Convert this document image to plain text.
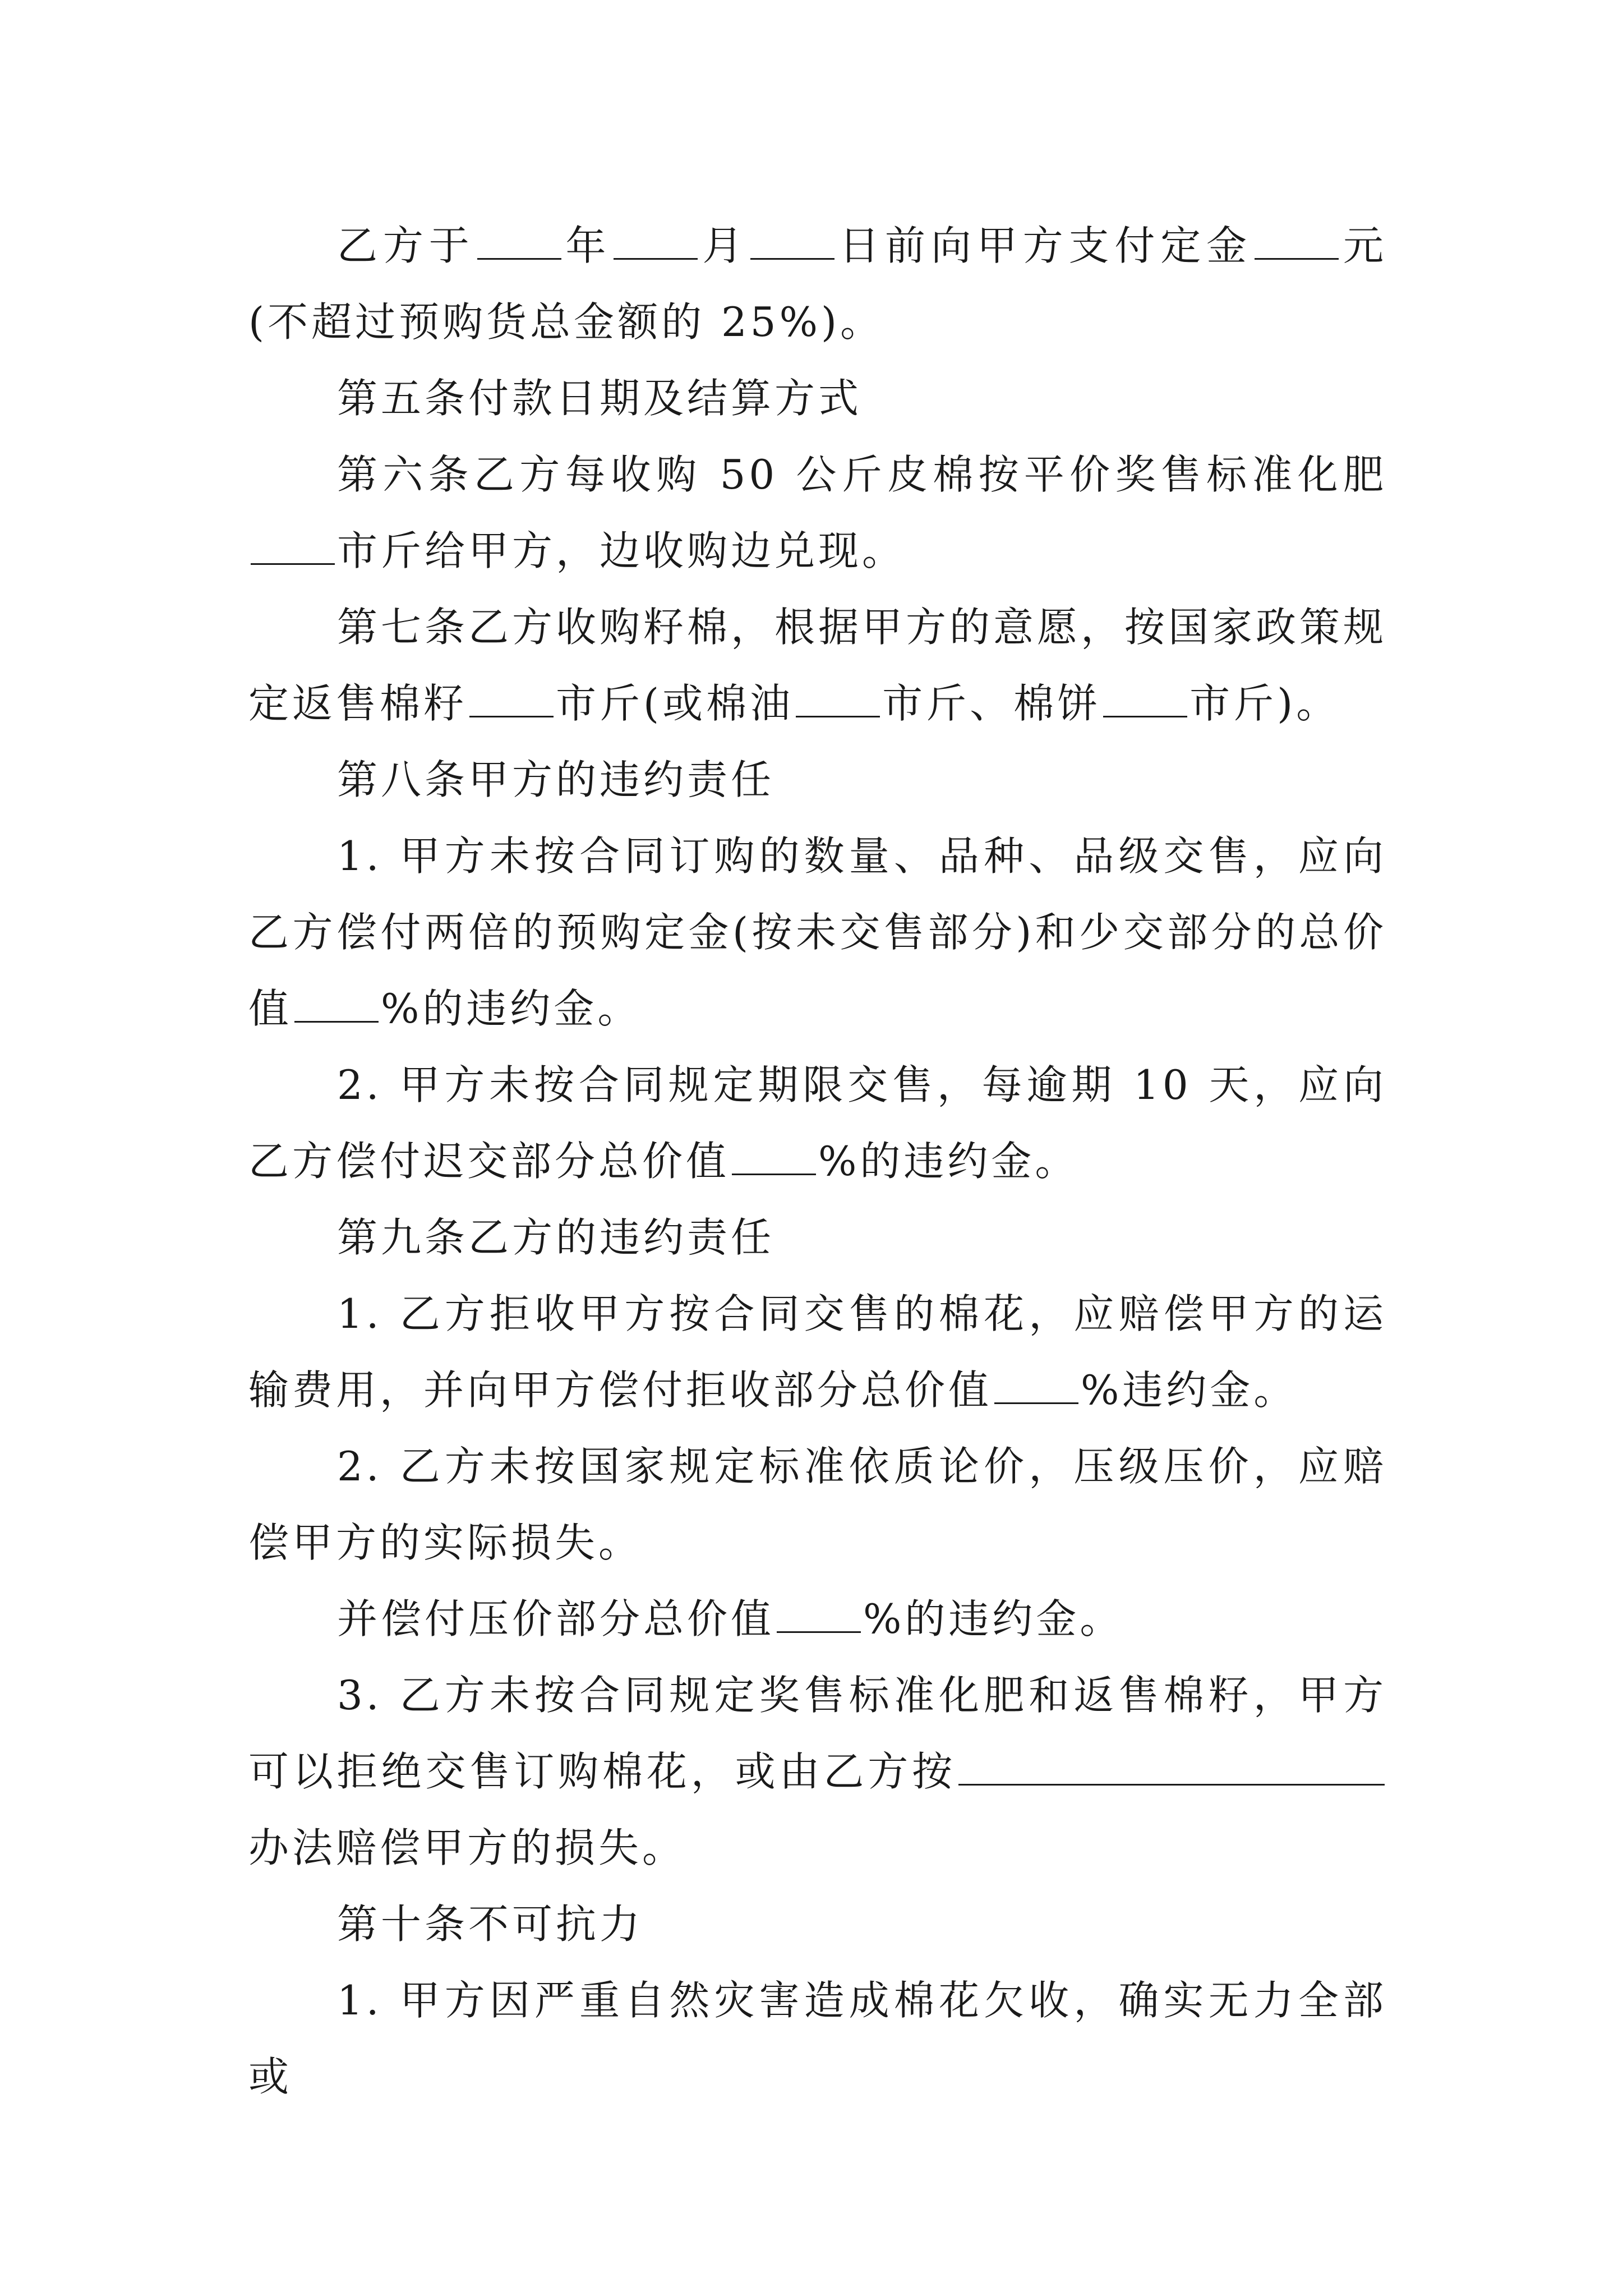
乙方于 年 月 日前向甲方支付定金 元(不超过预购货总金额的 25%)。

第五条付款日期及结算方式

第六条乙方每收购 50 公斤皮棉按平价奖售标准化肥市斤给甲方，边收购边兑现。

第七条乙方收购籽棉，根据甲方的意愿，按国家政策规定返售棉籽 市斤(或棉油 市斤、棉饼 市斤)。

第八条甲方的违约责任

1. 甲方未按合同订购的数量、品种、品级交售，应向乙方偿付两倍的预购定金(按未交售部分)和少交部分的总价值 %的违约金。

2. 甲方未按合同规定期限交售，每逾期 10 天，应向乙方偿付迟交部分总价值 %的违约金。

第九条乙方的违约责任

1. 乙方拒收甲方按合同交售的棉花，应赔偿甲方的运输费用，并向甲方偿付拒收部分总价值 %违约金。

2. 乙方未按国家规定标准依质论价，压级压价，应赔偿甲方的实际损失。

并偿付压价部分总价值 %的违约金。

3. 乙方未按合同规定奖售标准化肥和返售棉籽，甲方可以拒绝交售订购棉花，或由乙方按办法赔偿甲方的损失。

第十条不可抗力

1. 甲方因严重自然灾害造成棉花欠收，确实无力全部或
